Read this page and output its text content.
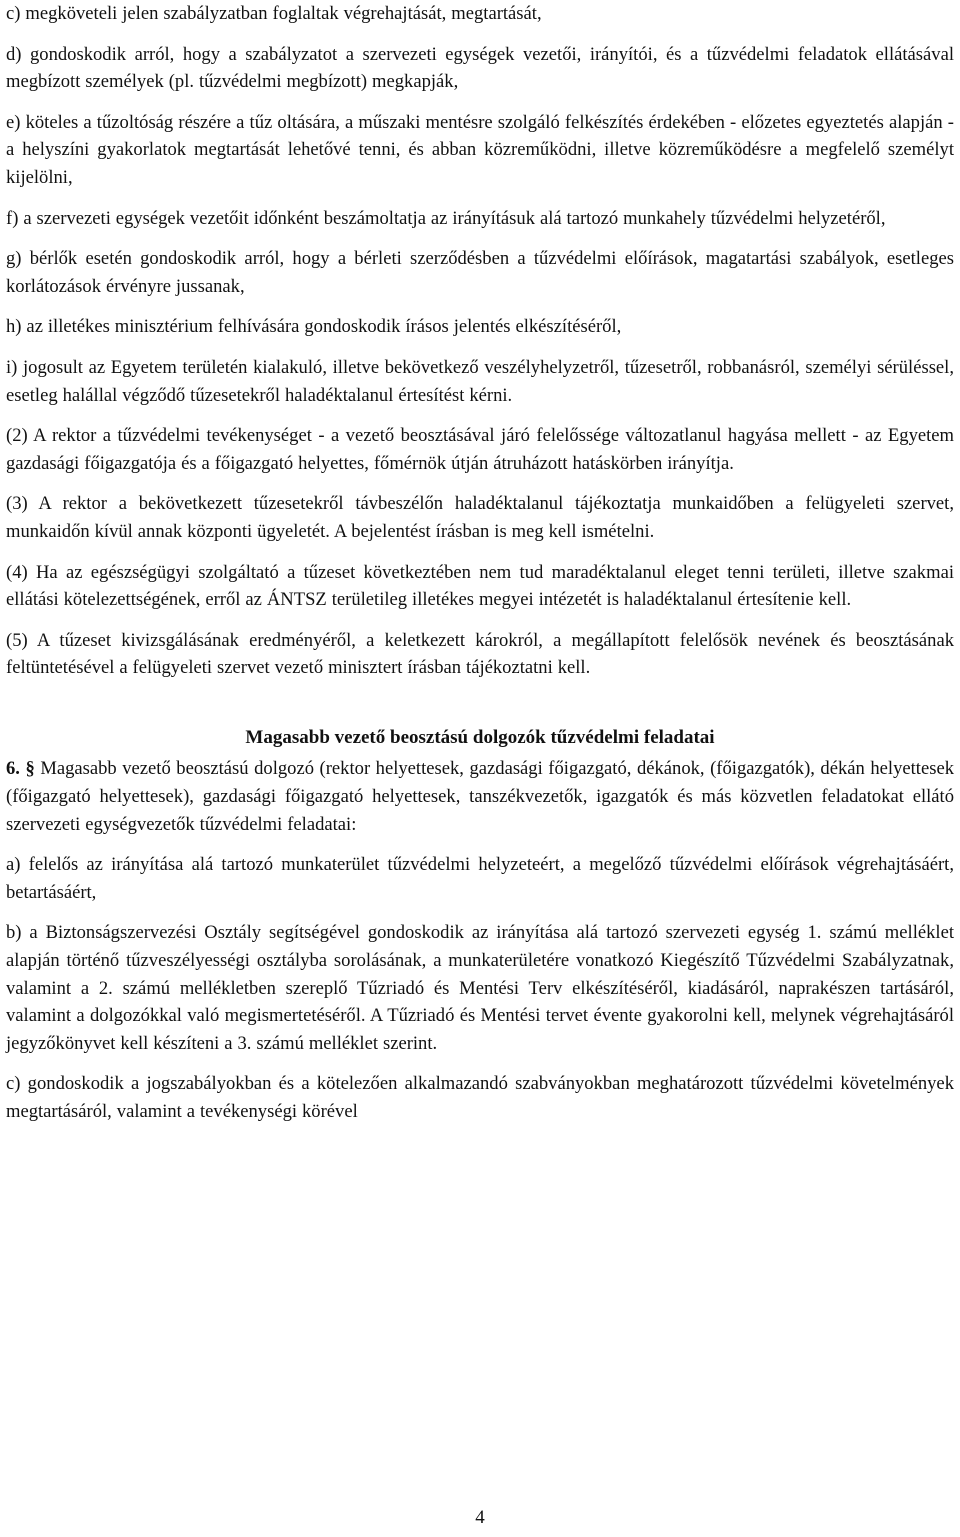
c) megköveteli jelen szabályzatban foglaltak végrehajtását, megtartását,

d) gondoskodik arról, hogy a szabályzatot a szervezeti egységek vezetői, irányítói, és a tűzvédelmi feladatok ellátásával megbízott személyek (pl. tűzvédelmi megbízott) megkapják,

e) köteles a tűzoltóság részére a tűz oltására, a műszaki mentésre szolgáló felkészítés érdekében - előzetes egyeztetés alapján - a helyszíni gyakorlatok megtartását lehetővé tenni, és abban közreműködni, illetve közreműködésre a megfelelő személyt kijelölni,

f) a szervezeti egységek vezetőit időnként beszámoltatja az irányításuk alá tartozó munkahely tűzvédelmi helyzetéről,

g) bérlők esetén gondoskodik arról, hogy a bérleti szerződésben a tűzvédelmi előírások, magatartási szabályok, esetleges korlátozások érvényre jussanak,

h) az illetékes minisztérium felhívására gondoskodik írásos jelentés elkészítéséről,

i) jogosult az Egyetem területén kialakuló, illetve bekövetkező veszélyhelyzetről, tűzesetről, robbanásról, személyi sérüléssel, esetleg halállal végződő tűzesetekről haladéktalanul értesítést kérni.

(2) A rektor a tűzvédelmi tevékenységet - a vezető beosztásával járó felelőssége változatlanul hagyása mellett - az Egyetem gazdasági főigazgatója és a főigazgató helyettes, főmérnök útján átruházott hatáskörben irányítja.

(3) A rektor a bekövetkezett tűzesetekről távbeszélőn haladéktalanul tájékoztatja munkaidőben a felügyeleti szervet, munkaidőn kívül annak központi ügyeletét. A bejelentést írásban is meg kell ismételni.

(4) Ha az egészségügyi szolgáltató a tűzeset következtében nem tud maradéktalanul eleget tenni területi, illetve szakmai ellátási kötelezettségének, erről az ÁNTSZ területileg illetékes megyei intézetét is haladéktalanul értesítenie kell.

(5) A tűzeset kivizsgálásának eredményéről, a keletkezett károkról, a megállapított felelősök nevének és beosztásának feltüntetésével a felügyeleti szervet vezető minisztert írásban tájékoztatni kell.

Magasabb vezető beosztású dolgozók tűzvédelmi feladatai

6. § Magasabb vezető beosztású dolgozó (rektor helyettesek, gazdasági főigazgató, dékánok, (főigazgatók), dékán helyettesek (főigazgató helyettesek), gazdasági főigazgató helyettesek, tanszékvezetők, igazgatók és más közvetlen feladatokat ellátó szervezeti egységvezetők tűzvédelmi feladatai:

a) felelős az irányítása alá tartozó munkaterület tűzvédelmi helyzeteért, a megelőző tűzvédelmi előírások végrehajtásáért, betartásáért,

b) a Biztonságszervezési Osztály segítségével gondoskodik az irányítása alá tartozó szervezeti egység 1. számú melléklet alapján történő tűzveszélyességi osztályba sorolásának, a munkaterületére vonatkozó Kiegészítő Tűzvédelmi Szabályzatnak, valamint a 2. számú mellékletben szereplő Tűzriadó és Mentési Terv elkészítéséről, kiadásáról, naprakészen tartásáról, valamint a dolgozókkal való megismertetéséről. A Tűzriadó és Mentési tervet évente gyakorolni kell, melynek végrehajtásáról jegyzőkönyvet kell készíteni a 3. számú melléklet szerint.

c) gondoskodik a jogszabályokban és a kötelezően alkalmazandó szabványokban meghatározott tűzvédelmi követelmények megtartásáról, valamint a tevékenységi körével

4
